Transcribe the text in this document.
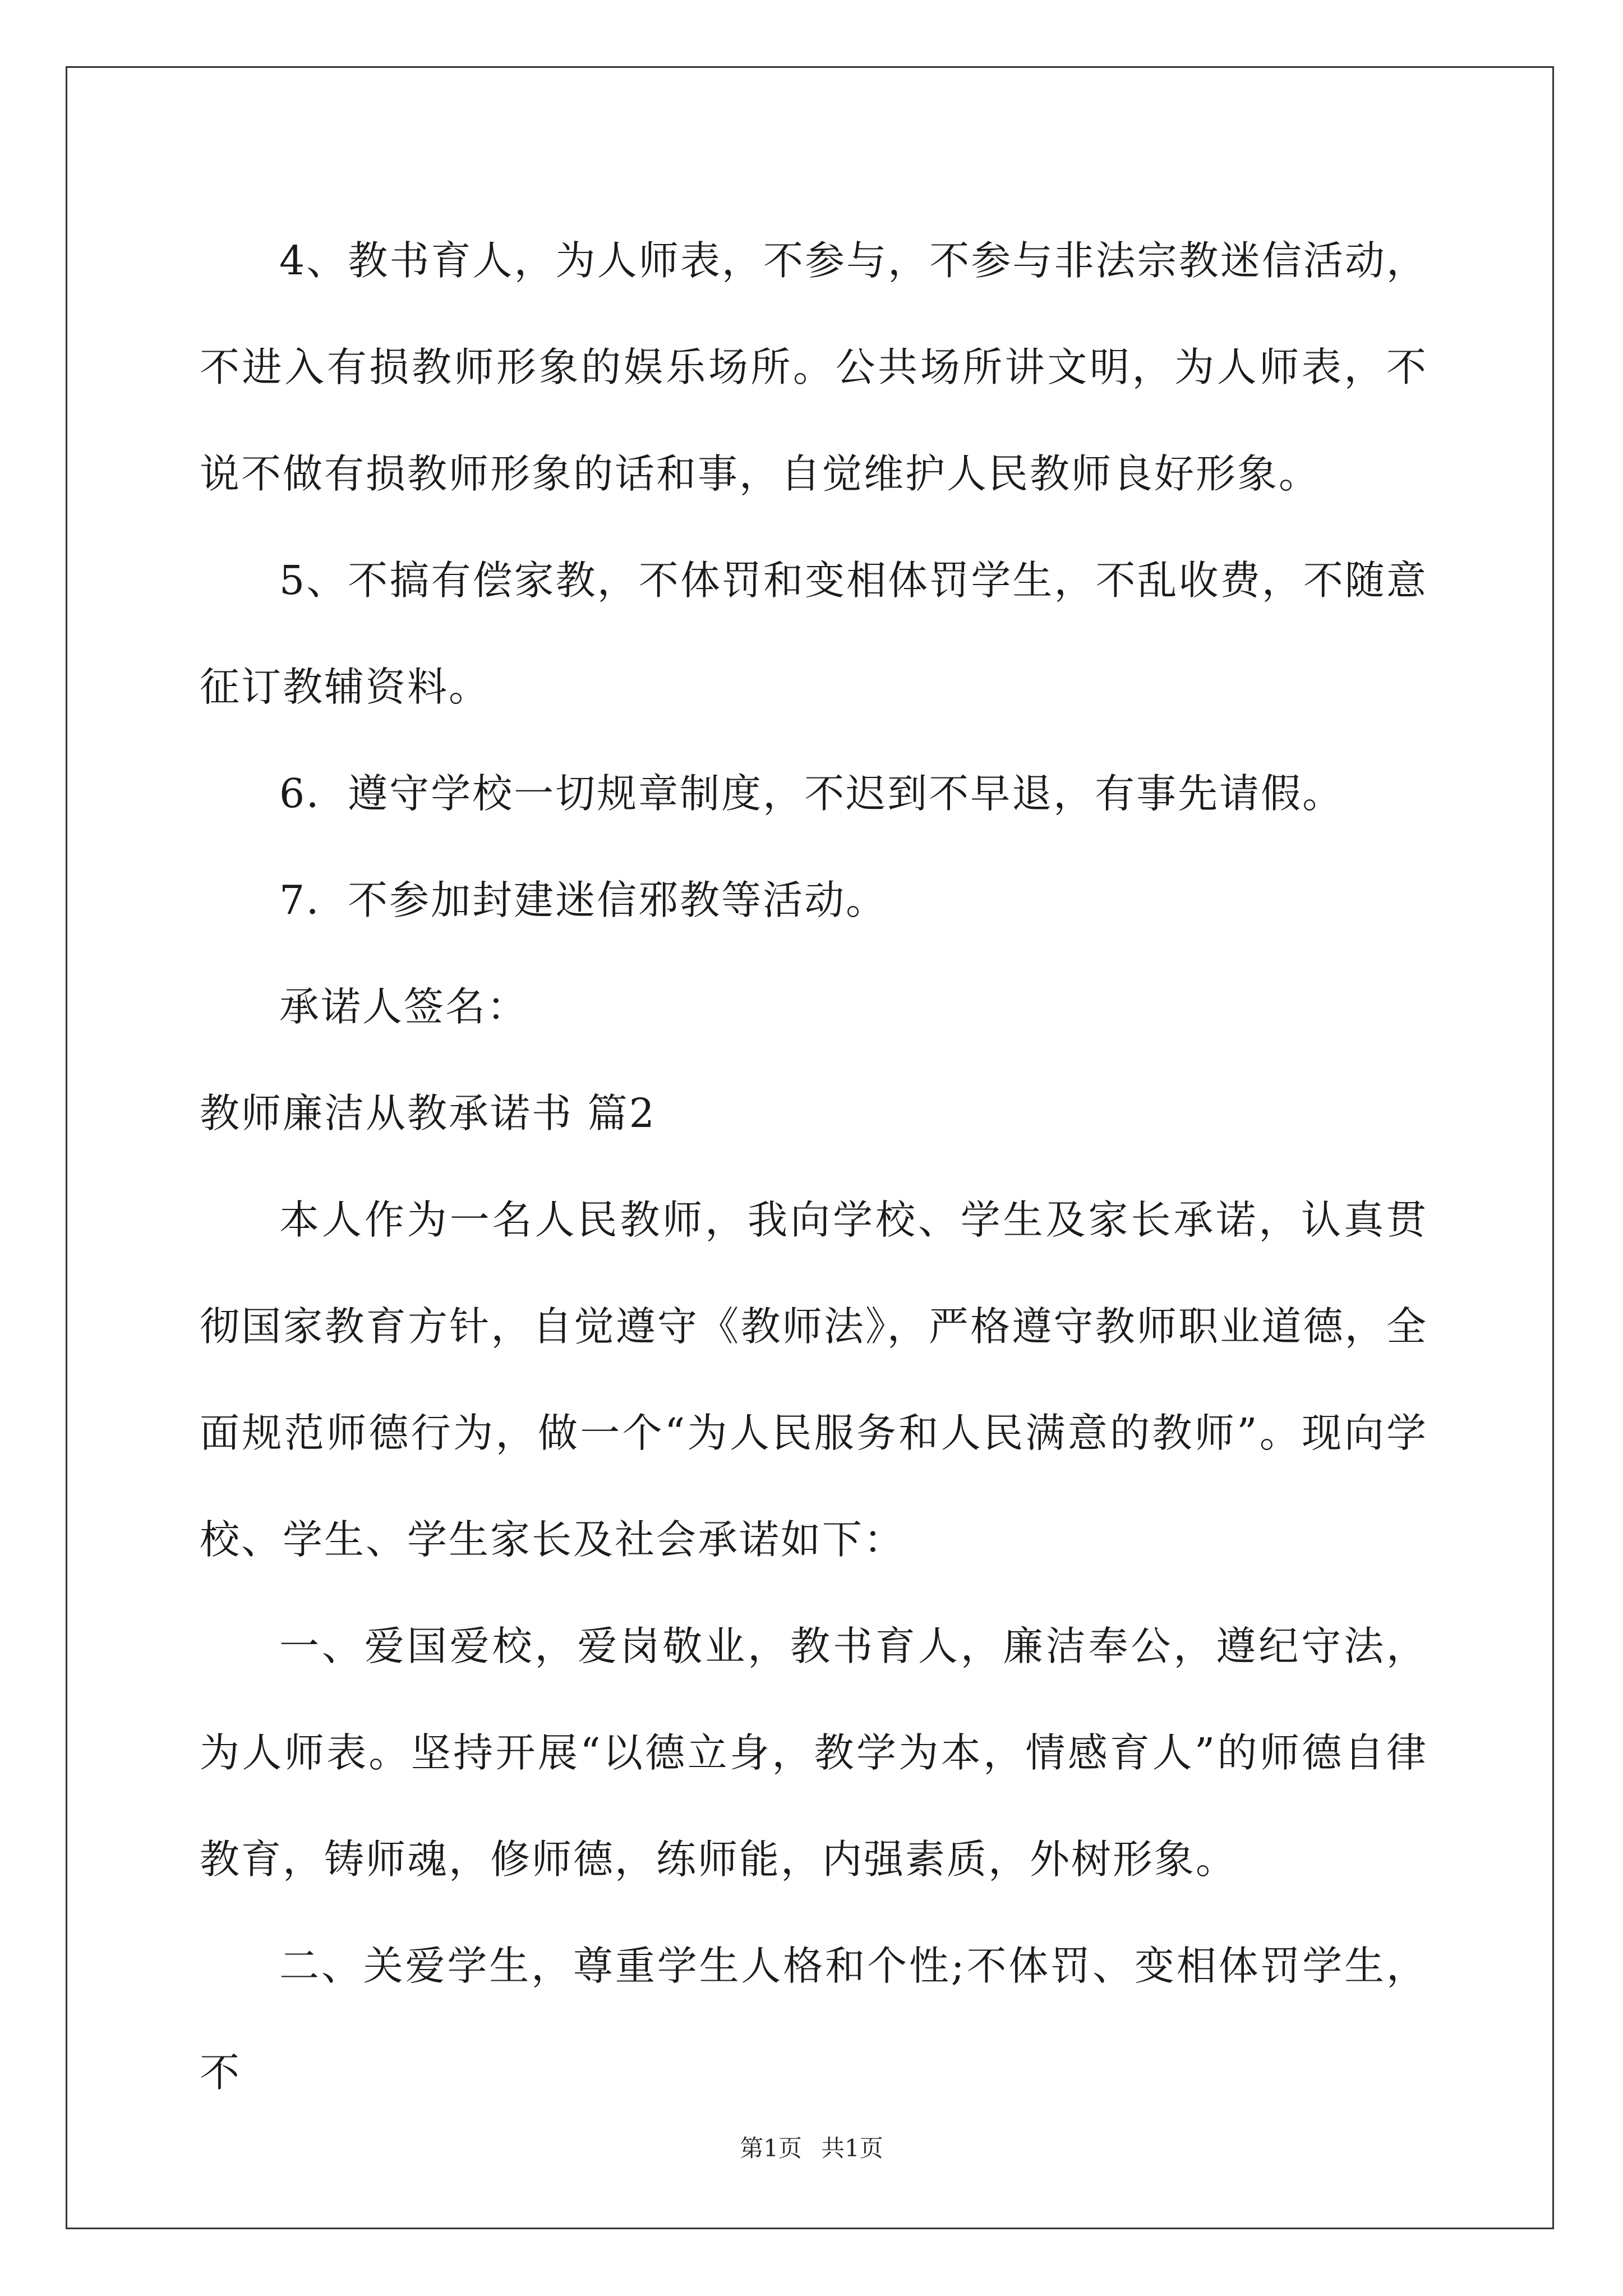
4、教书育人，为人师表，不参与，不参与非法宗教迷信活动，不进入有损教师形象的娱乐场所。公共场所讲文明，为人师表，不说不做有损教师形象的话和事，自觉维护人民教师良好形象。

5、不搞有偿家教，不体罚和变相体罚学生，不乱收费，不随意征订教辅资料。

6．遵守学校一切规章制度，不迟到不早退，有事先请假。

7．不参加封建迷信邪教等活动。

承诺人签名：

教师廉洁从教承诺书 篇2

本人作为一名人民教师，我向学校、学生及家长承诺，认真贯彻国家教育方针，自觉遵守《教师法》，严格遵守教师职业道德，全面规范师德行为，做一个“为人民服务和人民满意的教师”。现向学校、学生、学生家长及社会承诺如下：

一、爱国爱校，爱岗敬业，教书育人，廉洁奉公，遵纪守法，为人师表。坚持开展“以德立身，教学为本，情感育人”的师德自律教育，铸师魂，修师德，练师能，内强素质，外树形象。

二、关爱学生，尊重学生人格和个性;不体罚、变相体罚学生，不

第1页 共1页
